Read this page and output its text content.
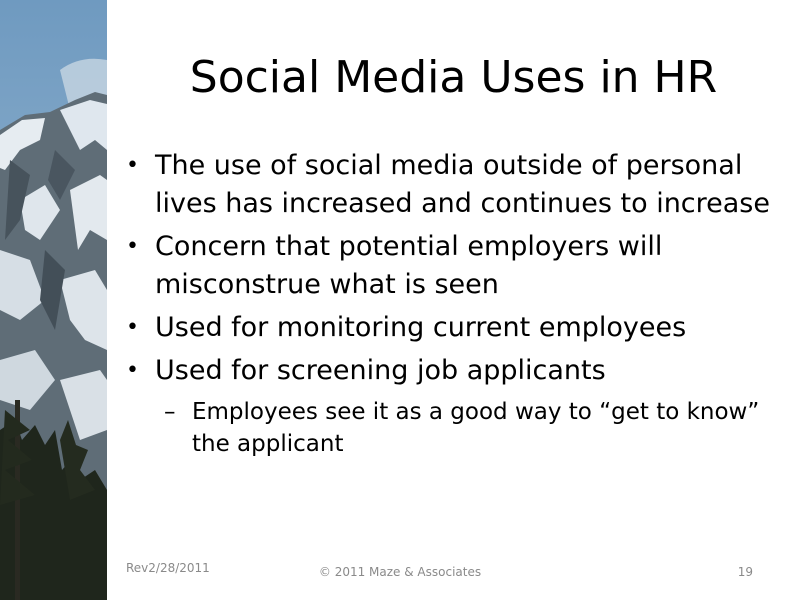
Social Media Uses in HR
• The use of social media outside of personal lives has increased and continues to increase
• Concern that potential employers will misconstrue what is seen
• Used for monitoring current employees
• Used for screening job applicants
– Employees see it as a good way to “get to know” the applicant
Rev2/28/2011	© 2011 Maze & Associates	19
